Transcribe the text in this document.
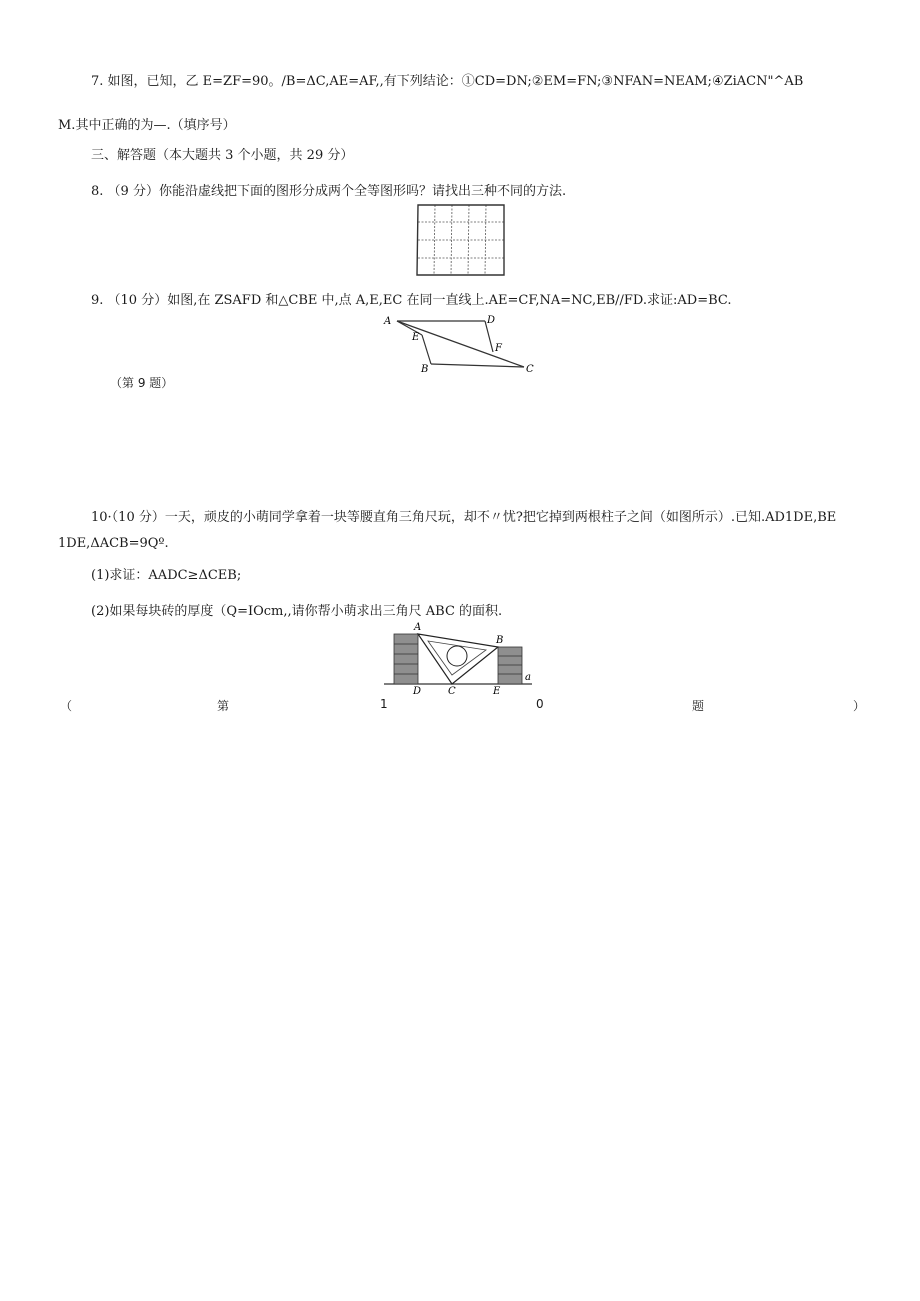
7. 如图，已知，乙 E=ZF=90。/B=ΔC,AE=AF,,有下列结论：①CD=DN;②EM=FN;③NFAN=NEAM;④ZiACN"^AB
M.其中正确的为—.（填序号）
三、解答题（本大题共 3 个小题，共 29 分）
8. （9 分）你能沿虚线把下面的图形分成两个全等图形吗？请找出三种不同的方法.
9. （10 分）如图,在 ZSAFD 和△CBE 中,点 A,E,EC 在同一直线上.AE=CF,NA=NC,EB//FD.求证:AD=BC.
A	D
E
F
B	C
（第 9 题）
10·（10 分）一天，顽皮的小萌同学拿着一块等腰直角三角尺玩，却不〃忧?把它掉到两根柱子之间（如图所示）.已知.AD1DE,BE
1DE,ΔACB=9Qº.
(1)求证：AADC≥ΔCEB;
(2)如果每块砖的厚度（Q=IOcm,,请你帮小萌求出三角尺 ABC 的面积.
A
B
D	C	E
a
（	第	1	0	题	）
